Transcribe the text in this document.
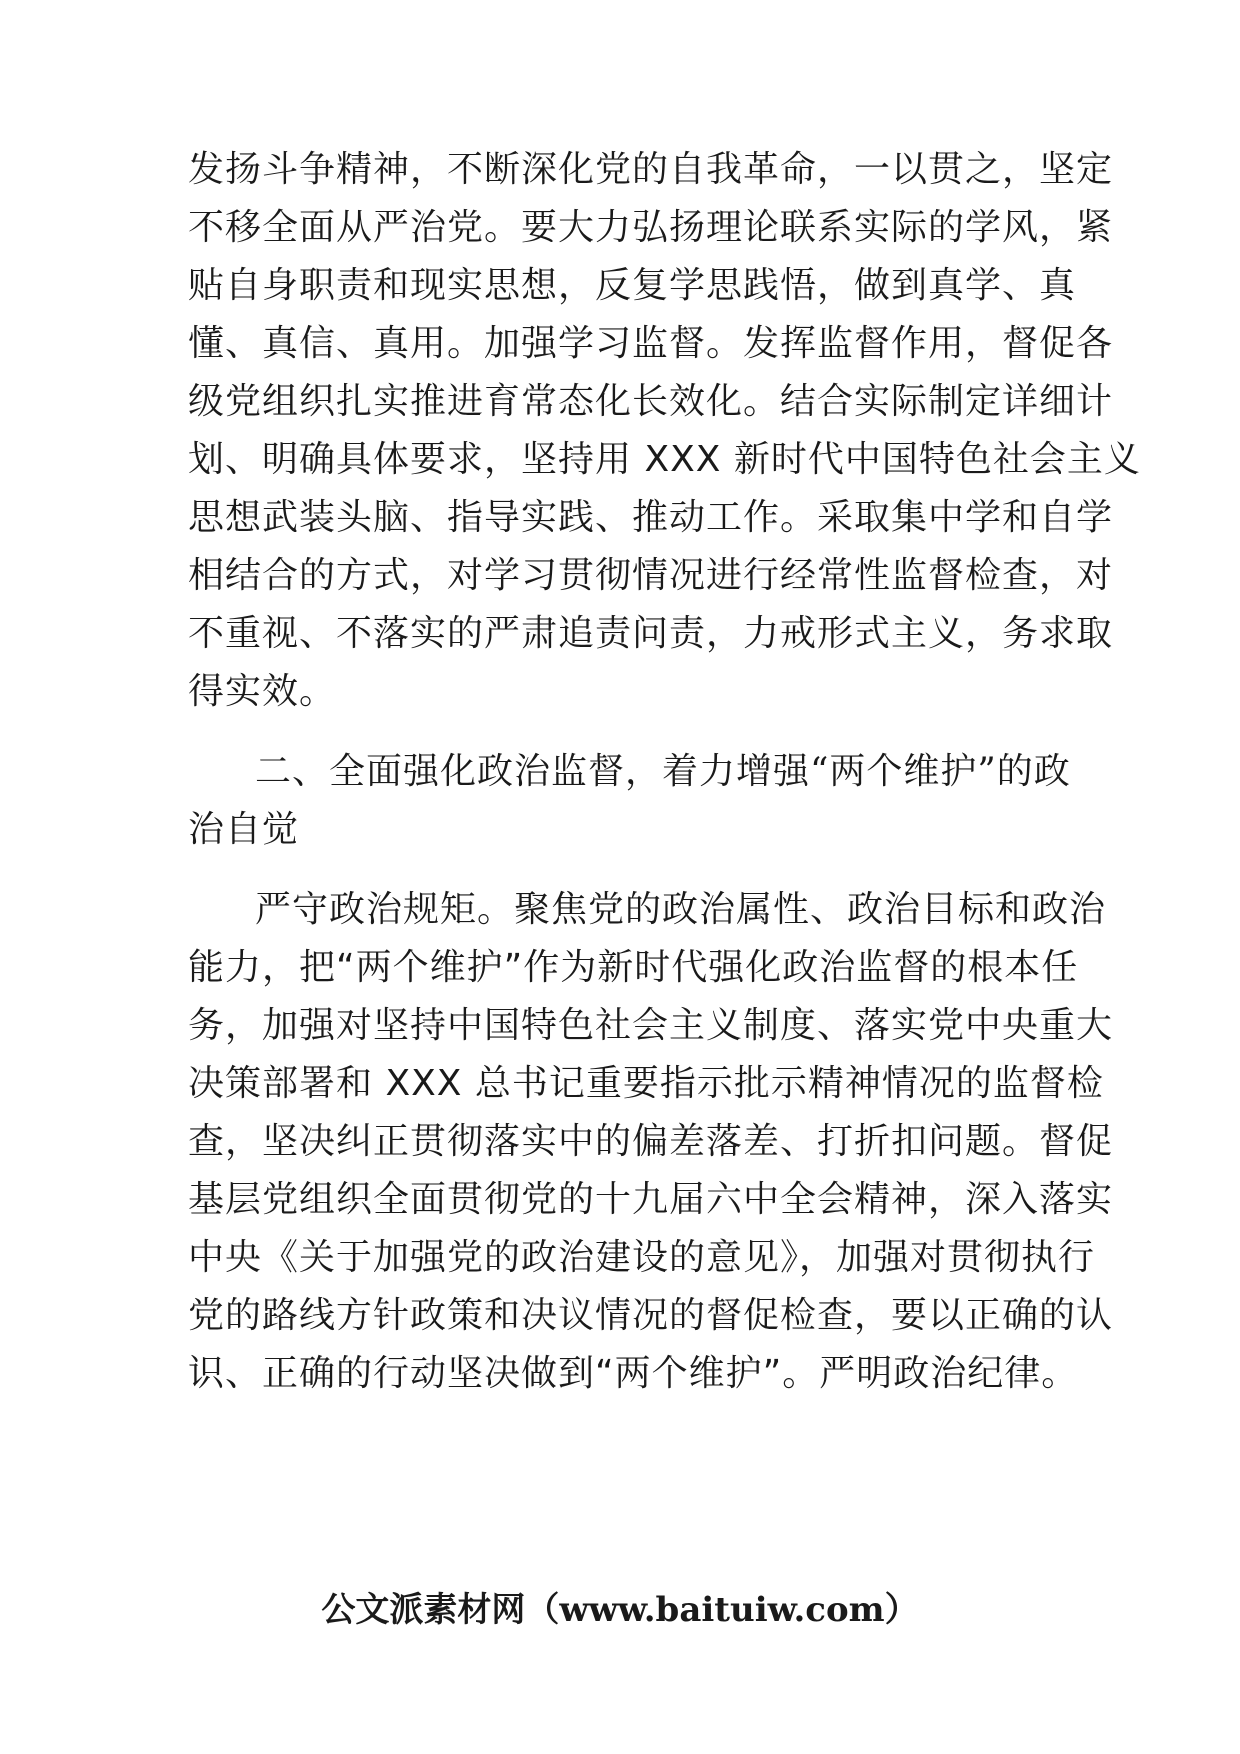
发扬斗争精神，不断深化党的自我革命，一以贯之，坚定
不移全面从严治党。要大力弘扬理论联系实际的学风，紧
贴自身职责和现实思想，反复学思践悟，做到真学、真
懂、真信、真用。加强学习监督。发挥监督作用，督促各
级党组织扎实推进育常态化长效化。结合实际制定详细计
划、明确具体要求，坚持用 XXX 新时代中国特色社会主义
思想武装头脑、指导实践、推动工作。采取集中学和自学
相结合的方式，对学习贯彻情况进行经常性监督检查，对
不重视、不落实的严肃追责问责，力戒形式主义，务求取
得实效。
二、全面强化政治监督，着力增强“两个维护”的政
治自觉
严守政治规矩。聚焦党的政治属性、政治目标和政治
能力，把“两个维护”作为新时代强化政治监督的根本任
务，加强对坚持中国特色社会主义制度、落实党中央重大
决策部署和 XXX 总书记重要指示批示精神情况的监督检
查，坚决纠正贯彻落实中的偏差落差、打折扣问题。督促
基层党组织全面贯彻党的十九届六中全会精神，深入落实
中央《关于加强党的政治建设的意见》，加强对贯彻执行
党的路线方针政策和决议情况的督促检查，要以正确的认
识、正确的行动坚决做到“两个维护”。严明政治纪律。
公文派素材网（www.baituiw.com）
